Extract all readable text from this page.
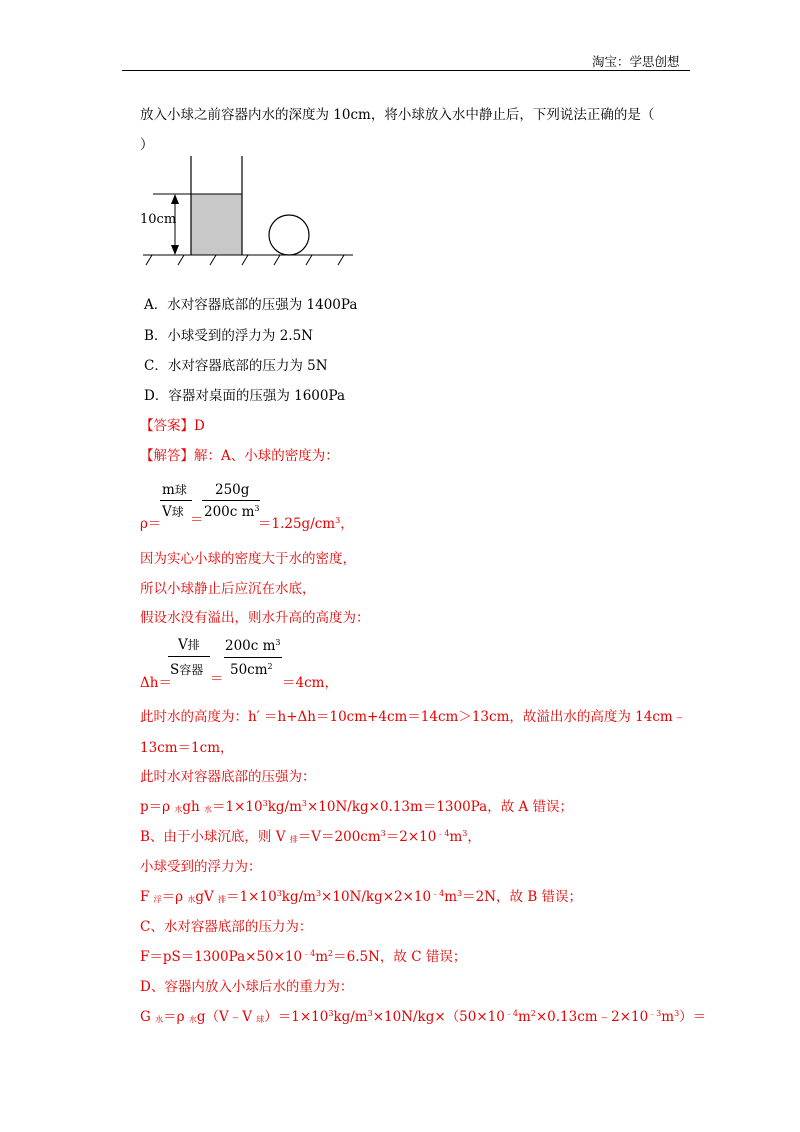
淘宝：学思创想
放入小球之前容器内水的深度为 10cm，将小球放入水中静止后，下列说法正确的是（
）
10cm
A．水对容器底部的压强为 1400Pa
B．小球受到的浮力为 2.5N
C．水对容器底部的压力为 5N
D．容器对桌面的压强为 1600Pa
【答案】D
【解答】解：A、小球的密度为：
m球
V球
250g
200c $m^3$
ρ＝ ＝	$=1.25g/cm^3$，
因为实心小球的密度大于水的密度，
所以小球静止后应沉在水底，
假设水没有溢出，则水升高的高度为：
V排
S容器
200c $m^3$
$50cm^2$
Δh＝	＝	＝4cm，
此时水的高度为：h′ ＝h+Δh＝10cm+4cm＝14cm＞13cm，故溢出水的高度为 14cm﹣
13cm＝1cm，
此时水对容器底部的压强为：
p＝ρ $_水$gh $_水=1\times 10^3kg/m^3\times 10N/kg\times 0.13m=1300Pa$，故 A 错误；
B、由于小球沉底，则 V $_排=V=200cm^3=2\times 10^{﹣4}m^3$，
小球受到的浮力为：
F $_浮$＝ρ $_水$gV $_排=1\times 10^3kg/m^3\times 10N/kg\times 2\times 10^{﹣4}m^3=2N$，故 B 错误；
C、水对容器底部的压力为：
$F=pS=1300Pa\times 50\times 10^{﹣4}m^2=6.5N$，故 C 错误；
D、容器内放入小球后水的重力为：
G $_水$＝ρ $_水$g（V﹣V $_球)=1\times 10^3kg/m^3\times 10N/kg\times(50\times 10^{﹣4}m^2\times 0.13cm﹣2\times 10^{﹣3}m^3)=$
